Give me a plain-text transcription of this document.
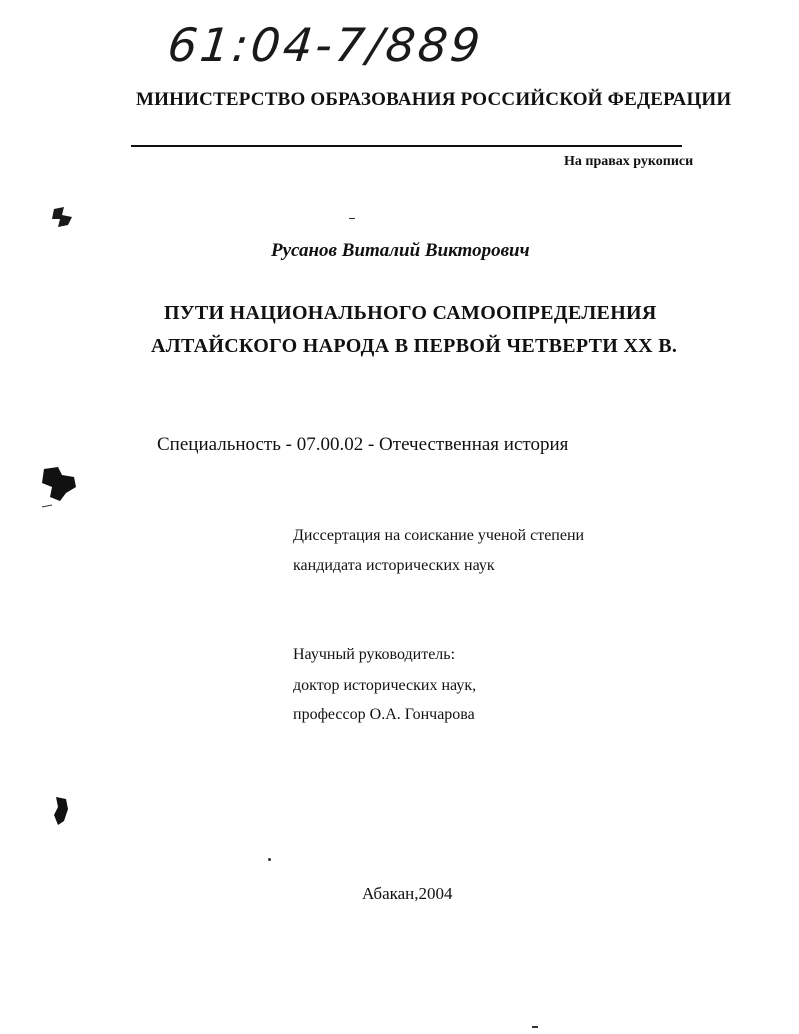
61:04-7/889
МИНИСТЕРСТВО ОБРАЗОВАНИЯ РОССИЙСКОЙ ФЕДЕРАЦИИ
На правах рукописи
Русанов Виталий Викторович
ПУТИ НАЦИОНАЛЬНОГО САМООПРЕДЕЛЕНИЯ
АЛТАЙСКОГО НАРОДА В ПЕРВОЙ ЧЕТВЕРТИ XX В.
Специальность - 07.00.02 - Отечественная история
Диссертация на соискание ученой степени
кандидата исторических наук
Научный руководитель:
доктор исторических наук,
профессор О.А. Гончарова
Абакан,2004
